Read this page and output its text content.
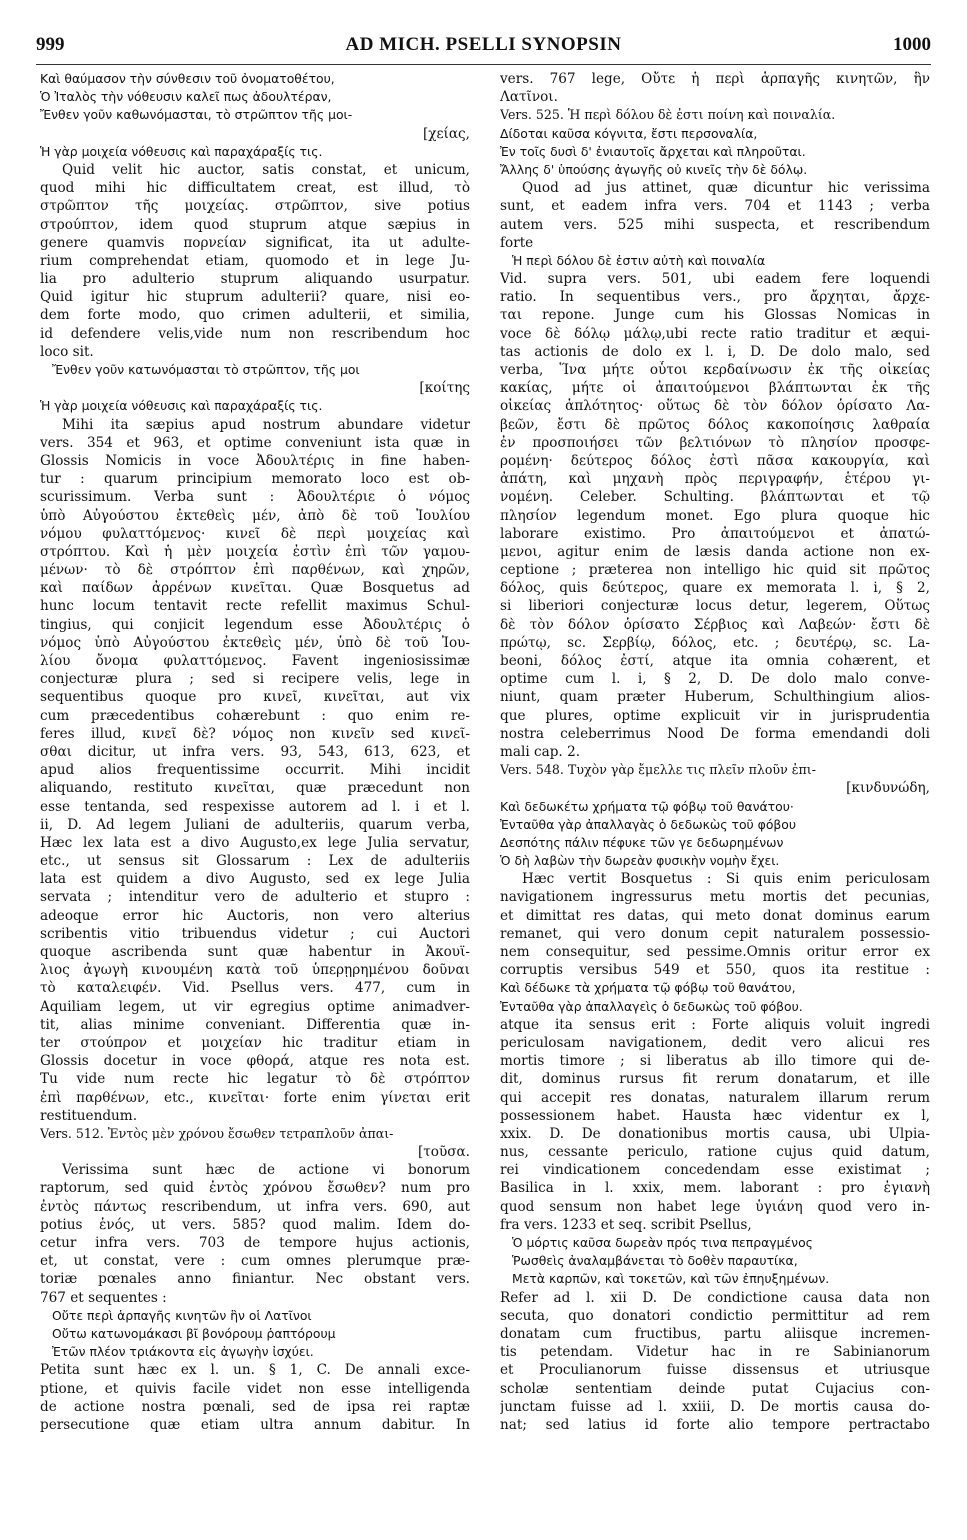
999	AD MICH. PSELLI SYNOPSIN	1000
Καὶ θαύμασον τὴν σύνθεσιν τοῦ ὀνοματοθέτου,
Ὁ Ἰταλὸς τὴν νόθευσιν καλεῖ πως ἀδουλτέραν,
Ἔνθεν γοῦν καθωνόμασται, τὸ στρῶπτον τῆς μοι-
[χείας,
Ἡ γὰρ μοιχεία νόθευσις καὶ παραχάραξίς τις.
Quid velit hic auctor, satis constat, et unicum,
quod mihi hic difficultatem creat, est illud, τὸ
στρῶπτον τῆς μοιχείας. στρῶπτον, sive potius
στρούπτον, idem quod stuprum atque sæpius in
genere quamvis πορνείαν significat, ita ut adulte-
rium comprehendat etiam, quomodo et in lege Ju-
lia pro adulterio stuprum aliquando usurpatur.
Quid igitur hic stuprum adulterii? quare, nisi eo-
dem forte modo, quo crimen adulterii, et similia,
id defendere velis,vide num non rescribendum hoc
loco sit.
Ἔνθεν γοῦν κατωνόμασται τὸ στρῶπτον, τῆς μοι
[κοίτης
Ἡ γὰρ μοιχεία νόθευσις καὶ παραχάραξίς τις.
Mihi ita sæpius apud nostrum abundare videtur
vers. 354 et 963, et optime conveniunt ista quæ in
Glossis Nomicis in voce Ἀδουλτέρις in fine haben-
tur : quarum principium memorato loco est ob-
scurissimum. Verba sunt : Ἀδουλτέριε ὁ νόμος
ὑπὸ Αὐγούστου ἐκτεθεὶς μέν, ἀπὸ δὲ τοῦ Ἰουλίου
νόμου φυλαττόμενος· κινεῖ δὲ περὶ μοιχείας καὶ
στρόπτου. Καὶ ἡ μὲν μοιχεία ἐστὶν ἐπὶ τῶν γαμου-
μένων· τὸ δὲ στρόπτον ἐπὶ παρθένων, καὶ χηρῶν,
καὶ παίδων ἀρρένων κινεῖται. Quæ Bosquetus ad
hunc locum tentavit recte refellit maximus Schul-
tingius, qui conjicit legendum esse Ἀδουλτέρις ὁ
νόμος ὑπὸ Αὐγούστου ἐκτεθεὶς μέν, ὑπὸ δὲ τοῦ Ἰου-
λίου ὄνομα φυλαττόμενος. Favent ingeniosissimæ
conjecturæ plura ; sed si recipere velis, lege in
sequentibus quoque pro κινεῖ, κινεῖται, aut vix
cum præcedentibus cohærebunt : quo enim re-
feres illud, κινεῖ δὲ? νόμος non κινεῖν sed κινεῖ-
σθαι dicitur, ut infra vers. 93, 543, 613, 623, et
apud alios frequentissime occurrit. Mihi incidit
aliquando, restituto κινεῖται, quæ præcedunt non
esse tentanda, sed respexisse autorem ad l. i et l.
ii, D. Ad legem Juliani de adulteriis, quarum verba,
Hæc lex lata est a divo Augusto,ex lege Julia servatur,
etc., ut sensus sit Glossarum : Lex de adulteriis
lata est quidem a divo Augusto, sed ex lege Julia
servata ; intenditur vero de adulterio et stupro :
adeoque error hic Auctoris, non vero alterius
scribentis vitio tribuendus videtur ; cui Auctori
quoque ascribenda sunt quæ habentur in Ἀκουϊ-
λιος ἀγωγὴ κινουμένη κατὰ τοῦ ὑπερῃρημένου δοῦναι
τὸ καταλειφέν. Vid. Psellus vers. 477, cum in
Aquiliam legem, ut vir egregius optime animadver-
tit, alias minime conveniant. Differentia quæ in-
ter στούπρον et μοιχείαν hic traditur etiam in
Glossis docetur in voce φθορά, atque res nota est.
Tu vide num recte hic legatur τὸ δὲ στρόπτον
ἐπὶ παρθένων, etc., κινεῖται· forte enim γίνεται erit
restituendum.
Vers. 512. Ἐντὸς μὲν χρόνου ἔσωθεν τετραπλοῦν ἀπαι-
[τοῦσα.
Verissima sunt hæc de actione vi bonorum
raptorum, sed quid ἐντὸς χρόνου ἔσωθεν? num pro
ἐντὸς πάντως rescribendum, ut infra vers. 690, aut
potius ἑνός, ut vers. 585? quod malim. Idem do-
cetur infra vers. 703 de tempore hujus actionis,
et, ut constat, vere : cum omnes plerumque præ-
toriæ pœnales anno finiantur. Nec obstant vers.
767 et sequentes :
Οὔτε περὶ ἁρπαγῆς κινητῶν ἣν οἱ Λατῖνοι
Οὔτω κατωνομάκασι βῖ βονόρουμ ῥαπτόρουμ
Ἐτῶν πλέον τριάκοντα εἰς ἀγωγὴν ἰσχύει.
Petita sunt hæc ex l. un. § 1, C. De annali exce-
ptione, et quivis facile videt non esse intelligenda
de actione nostra pœnali, sed de ipsa rei raptæ
persecutione quæ etiam ultra annum dabitur. In
vers. 767 lege, Οὔτε ἡ περὶ ἁρπαγῆς κινητῶν, ἣν
Λατῖνοι.
Vers. 525. Ἡ περὶ δόλου δὲ ἐστι ποίνη καὶ ποιναλία.
Δίδοται καῦσα κόγνιτα, ἔστι περσοναλία,
Ἐν τοῖς δυσὶ δ' ἐνιαυτοῖς ἄρχεται καὶ πληροῦται.
Ἄλλης δ' ὑπούσης ἀγωγῆς οὐ κινεῖς τὴν δὲ δόλῳ.
Quod ad jus attinet, quæ dicuntur hic verissima
sunt, et eadem infra vers. 704 et 1143 ; verba
autem vers. 525 mihi suspecta, et rescribendum
forte
Ἡ περὶ δόλου δὲ ἐστιν αὐτὴ καὶ ποιναλία
Vid. supra vers. 501, ubi eadem fere loquendi
ratio. In sequentibus vers., pro ἄρχηται, ἄρχε-
ται repone. Junge cum his Glossas Nomicas in
voce δὲ δόλῳ μάλῳ,ubi recte ratio traditur et æqui-
tas actionis de dolo ex l. i, D. De dolo malo, sed
verba, Ἵνα μήτε οὗτοι κερδαίνωσιν ἐκ τῆς οἰκείας
κακίας, μήτε οἱ ἀπαιτούμενοι βλάπτωνται ἐκ τῆς
οἰκείας ἁπλότητος· οὕτως δὲ τὸν δόλον ὁρίσατο Λα-
βεῶν, ἔστι δὲ πρῶτος δόλος κακοποίησις λαθραία
ἐν προσποιήσει τῶν βελτιόνων τὸ πλησίον προσφε-
ρομένη· δεύτερος δόλος ἐστὶ πᾶσα κακουργία, καὶ
ἀπάτη, καὶ μηχανὴ πρὸς περιγραφήν, ἑτέρου γι-
νομένη. Celeber. Schulting. βλάπτωνται et τῷ
πλησίον legendum monet. Ego plura quoque hic
laborare existimo. Pro ἀπαιτούμενοι et ἀπατώ-
μενοι, agitur enim de læsis danda actione non ex-
ceptione ; præterea non intelligo hic quid sit πρῶτος
δόλος, quis δεύτερος, quare ex memorata l. i, § 2,
si liberiori conjecturæ locus detur, legerem, Οὕτως
δὲ τὸν δόλον ὁρίσατο Σέρβιος καὶ Λαβεών· ἔστι δὲ
πρώτῳ, sc. Σερβίῳ, δόλος, etc. ; δευτέρῳ, sc. La-
beoni, δόλος ἐστί, atque ita omnia cohærent, et
optime cum l. i, § 2, D. De dolo malo conve-
niunt, quam præter Huberum, Schulthingium alios-
que plures, optime explicuit vir in jurisprudentia
nostra celeberrimus Nood De forma emendandi doli
mali cap. 2.
Vers. 548. Τυχὸν γὰρ ἔμελλε τις πλεῖν πλοῦν ἐπι-
[κινδυνώδη,
Καὶ δεδωκέτω χρήματα τῷ φόβῳ τοῦ θανάτου·
Ἐνταῦθα γὰρ ἀπαλλαγὰς ὁ δεδωκὼς τοῦ φόβου
Δεσπότης πάλιν πέφυκε τῶν γε δεδωρημένων
Ὁ δὴ λαβὼν τὴν δωρεὰν φυσικὴν νομὴν ἔχει.
Hæc vertit Bosquetus : Si quis enim periculosam
navigationem ingressurus metu mortis det pecunias,
et dimittat res datas, qui meto donat dominus earum
remanet, qui vero donum cepit naturalem possessio-
nem consequitur, sed pessime.Omnis oritur error ex
corruptis versibus 549 et 550, quos ita restitue :
Καὶ δέδωκε τὰ χρήματα τῷ φόβῳ τοῦ θανάτου,
Ἐνταῦθα γὰρ ἀπαλλαγεὶς ὁ δεδωκὼς τοῦ φόβου.
atque ita sensus erit : Forte aliquis voluit ingredi
periculosam navigationem, dedit vero alicui res
mortis timore ; si liberatus ab illo timore qui de-
dit, dominus rursus fit rerum donatarum, et ille
qui accepit res donatas, naturalem illarum rerum
possessionem habet. Hausta hæc videntur ex l,
xxix. D. De donationibus mortis causa, ubi Ulpia-
nus, cessante periculo, ratione cujus quid datum,
rei vindicationem concedendam esse existimat ;
Basilica in l. xxix, mem. laborant : pro ἐγιανὴ
quod sensum non habet lege ὑγιάνη quod vero in-
fra vers. 1233 et seq. scribit Psellus,
Ὁ μόρτις καῦσα δωρεὰν πρός τινα πεπραγμένος
Ῥωσθεὶς ἀναλαμβάνεται τὸ δοθὲν παραυτίκα,
Μετὰ καρπῶν, καὶ τοκετῶν, καὶ τῶν ἐπηυξημένων.
Refer ad l. xii D. De condictione causa data non
secuta, quo donatori condictio permittitur ad rem
donatam cum fructibus, partu aliisque incremen-
tis petendam. Videtur hac in re Sabinianorum
et Proculianorum fuisse dissensus et utriusque
scholæ sententiam deinde putat Cujacius con-
junctam fuisse ad l. xxiii, D. De mortis causa do-
nat; sed latius id forte alio tempore pertractabo
